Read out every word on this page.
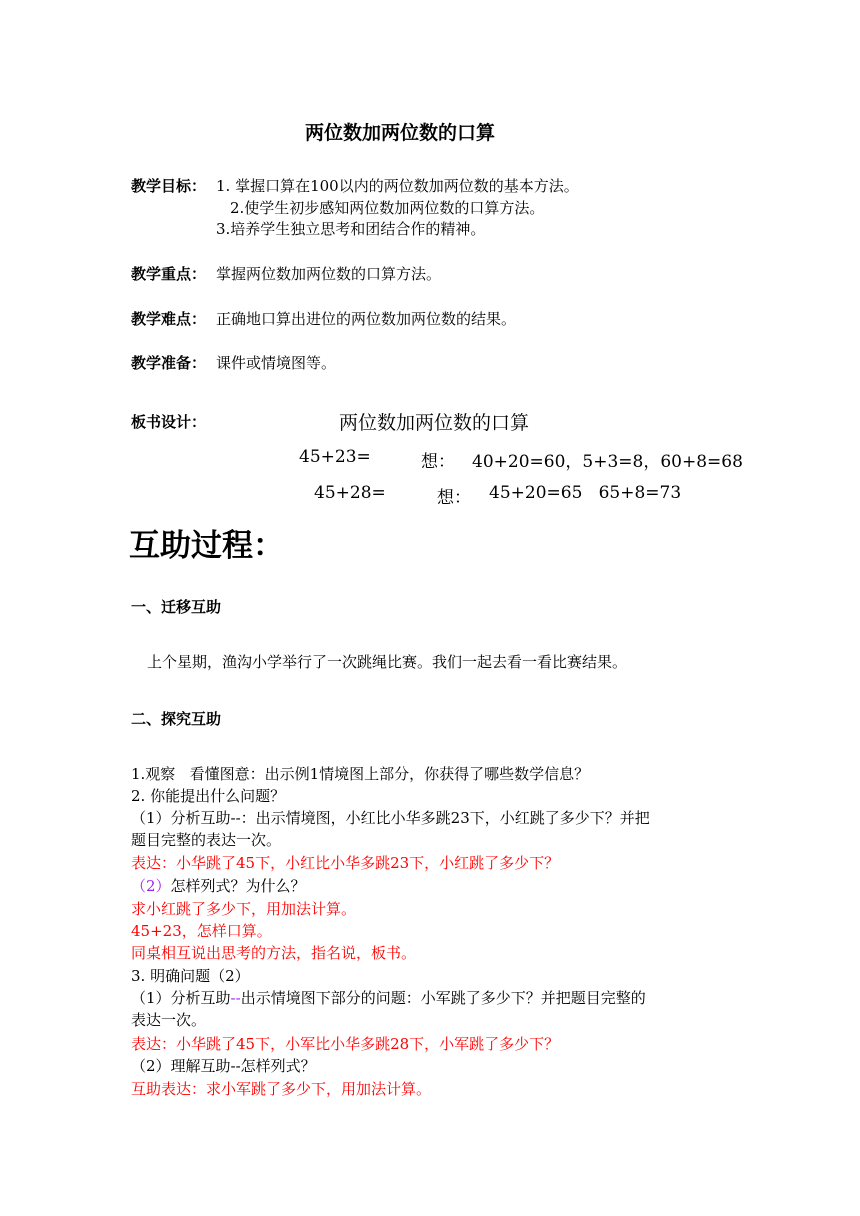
两位数加两位数的口算
教学目标： 1. 掌握口算在100以内的两位数加两位数的基本方法。
2.使学生初步感知两位数加两位数的口算方法。
3.培养学生独立思考和团结合作的精神。
教学重点： 掌握两位数加两位数的口算方法。
教学难点： 正确地口算出进位的两位数加两位数的结果。
教学准备： 课件或情境图等。
板书设计：	两位数加两位数的口算
45+23=	想： 40+20=60，5+3=8，60+8=68
45+28=	想： 45+20=65   65+8=73
互助过程：
一、迁移互助
上个星期，渔沟小学举行了一次跳绳比赛。我们一起去看一看比赛结果。
二、探究互助
1.观察   看懂图意：出示例1情境图上部分，你获得了哪些数学信息？
2. 你能提出什么问题？
（1）分析互助--：出示情境图，小红比小华多跳23下，小红跳了多少下？并把
题目完整的表达一次。
表达：小华跳了45下，小红比小华多跳23下，小红跳了多少下？
（2）怎样列式？为什么？
求小红跳了多少下，用加法计算。
45+23，怎样口算。
同桌相互说出思考的方法，指名说，板书。
3. 明确问题（2）
（1）分析互助--出示情境图下部分的问题：小军跳了多少下？并把题目完整的
表达一次。
表达：小华跳了45下，小军比小华多跳28下，小军跳了多少下？
（2）理解互助--怎样列式？
互助表达：求小军跳了多少下，用加法计算。
